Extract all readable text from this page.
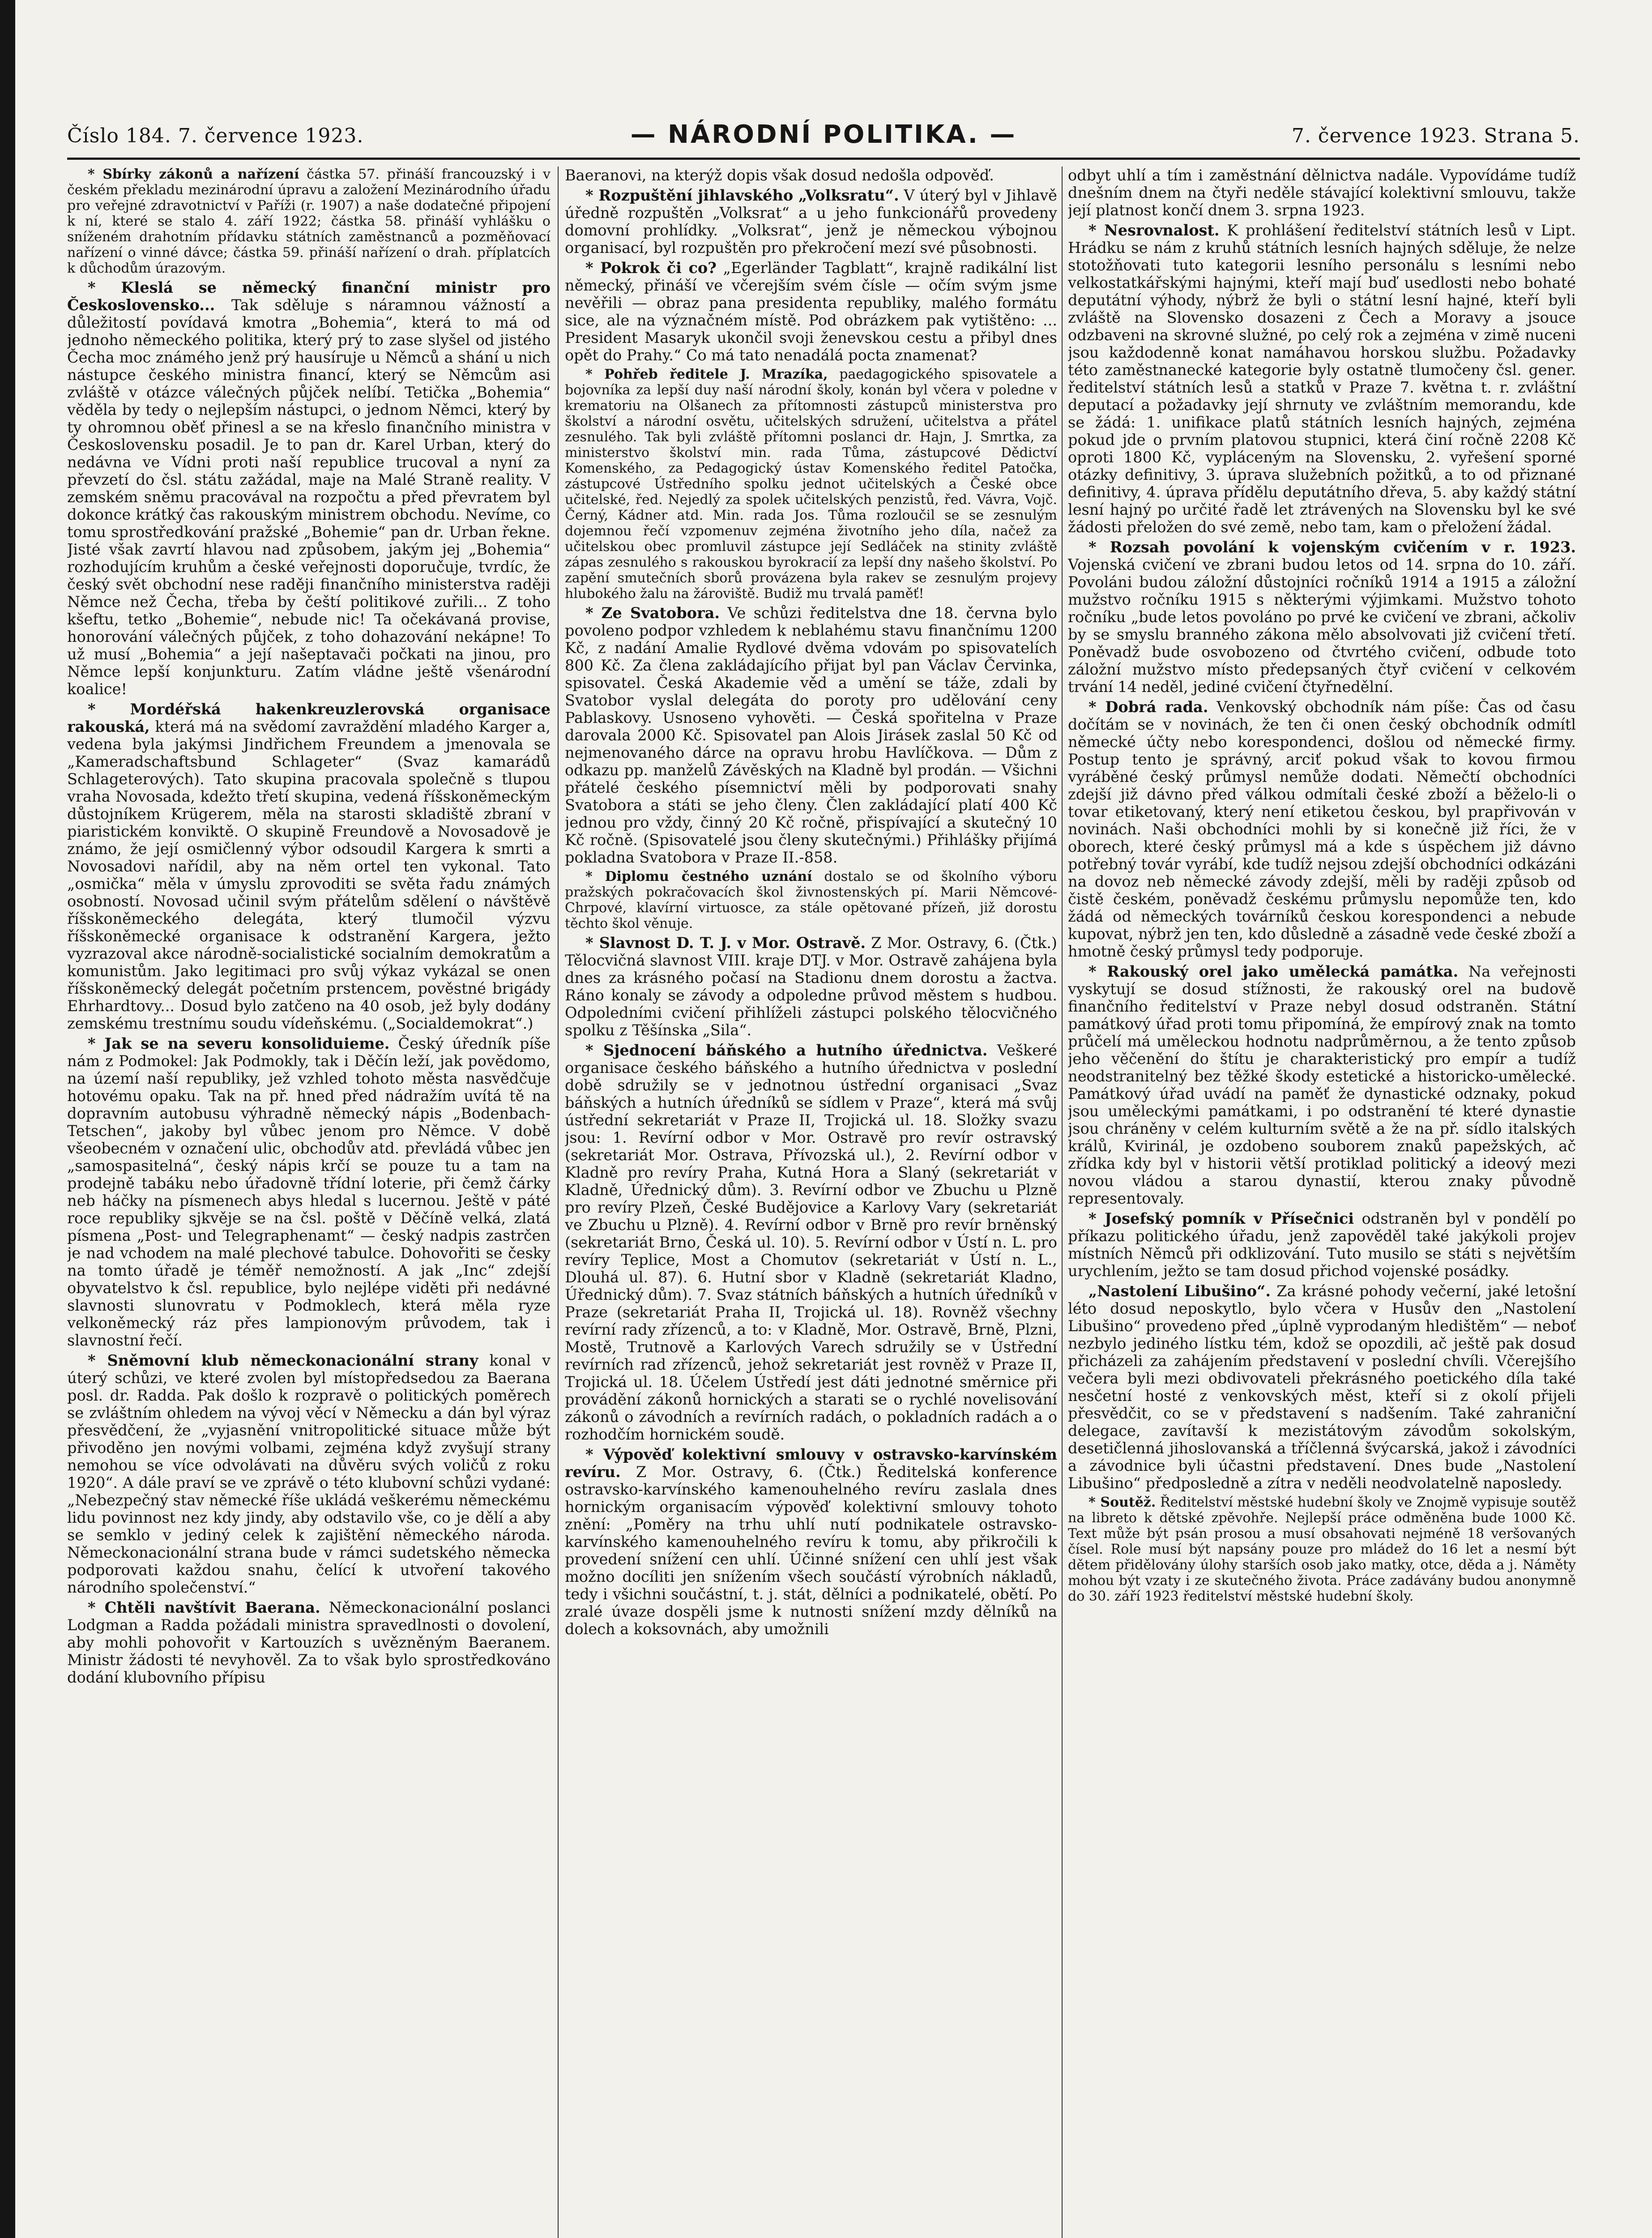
Číslo 184. 7. července 1923.	— NÁRODNÍ POLITIKA. —	7. července 1923. Strana 5.

* Sbírky zákonů a nařízení částka 57. přináší francouzský i v českém překladu mezinárodní úpravu a založení Mezinárodního úřadu pro veřejné zdravotnictví v Paříži (r. 1907) a naše dodatečné připojení k ní, které se stalo 4. září 1922; částka 58. přináší vyhlášku o sníženém drahotním přídavku státních zaměstnanců a pozměňovací nařízení o vinné dávce; částka 59. přináší nařízení o drah. příplatcích k důchodům úrazovým.

* Kleslá se německý finanční ministr pro Československo... Tak sděluje s náramnou vážností a důležitostí povídavá kmotra „Bohemia“, která to má od jednoho německého politika, který prý to zase slyšel od jistého Čecha moc známého jenž prý hausíruje u Němců a shání u nich nástupce českého ministra financí, který se Němcům asi zvláště v otázce válečných půjček nelíbí. Tetička „Bohemia“ věděla by tedy o nejlepším nástupci, o jednom Němci, který by ty ohromnou oběť přinesl a se na křeslo finančního ministra v Československu posadil. Je to pan dr. Karel Urban, který do nedávna ve Vídni proti naší republice trucoval a nyní za převzetí do čsl. státu zažádal, maje na Malé Straně reality. V zemském sněmu pracovával na rozpočtu a před převratem byl dokonce krátký čas rakouským ministrem obchodu. Nevíme, co tomu sprostředkování pražské „Bohemie“ pan dr. Urban řekne. Jisté však zavrtí hlavou nad způsobem, jakým jej „Bohemia“ rozhodujícím kruhům a české veřejnosti doporučuje, tvrdíc, že český svět obchodní nese raději finančního ministerstva raději Němce než Čecha, třeba by čeští politikové zuřili... Z toho kšeftu, tetko „Bohemie“, nebude nic! Ta očekávaná provise, honorování válečných půjček, z toho dohazování nekápne! To už musí „Bohemia“ a její našeptavači počkati na jinou, pro Němce lepší konjunkturu. Zatím vládne ještě všenárodní koalice!

* Mordéřská hakenkreuzlerovská organisace rakouská, která má na svědomí zavraždění mladého Karger a, vedena byla jakýmsi Jindřichem Freundem a jmenovala se „Kameradschaftsbund Schlageter“ (Svaz kamarádů Schlageterových). Tato skupina pracovala společně s tlupou vraha Novosada, kdežto třetí skupina, vedená říšskoněmeckým důstojníkem Krügerem, měla na starosti skladiště zbraní v piaristickém konviktě. O skupině Freundově a Novosadově je známo, že její osmičlenný výbor odsoudil Kargera k smrti a Novosadovi nařídil, aby na něm ortel ten vykonal. Tato „osmička“ měla v úmyslu zprovoditi se světa řadu známých osobností. Novosad učinil svým přátelům sdělení o návštěvě říšskoněmeckého delegáta, který tlumočil výzvu říšskoněmecké organisace k odstranění Kargera, ježto vyzrazoval akce národně-socialistické socialním demokratům a komunistům. Jako legitimaci pro svůj výkaz vykázal se onen říšskoněmecký delegát početním prstencem, pověstné brigády Ehrhardtovy... Dosud bylo zatčeno na 40 osob, jež byly dodány zemskému trestnímu soudu vídeňskému. („Socialdemokrat“.)

* Jak se na severu konsoliduieme. Český úředník píše nám z Podmokel: Jak Podmokly, tak i Děčín leží, jak povědomo, na území naší republiky, jež vzhled tohoto města nasvědčuje hotovému opaku. Tak na př. hned před nádražím uvítá tě na dopravním autobusu výhradně německý nápis „Bodenbach-Tetschen“, jakoby byl vůbec jenom pro Němce. V době všeobecném v označení ulic, obchodův atd. převládá vůbec jen „samospasitelná“, český nápis krčí se pouze tu a tam na prodejně tabáku nebo úřadovně třídní loterie, při čemž čárky neb háčky na písmenech abys hledal s lucernou. Ještě v páté roce republiky sjkvěje se na čsl. poště v Děčíně velká, zlatá písmena „Post- und Telegraphenamt“ — český nadpis zastrčen je nad vchodem na malé plechové tabulce. Dohovořiti se česky na tomto úřadě je téměř nemožností. A jak „Inc“ zdejší obyvatelstvo k čsl. republice, bylo nejlépe viděti při nedávné slavnosti slunovratu v Podmoklech, která měla ryze velkoněmecký ráz přes lampionovým průvodem, tak i slavnostní řečí.

* Sněmovní klub německonacionální strany konal v úterý schůzi, ve které zvolen byl místopředsedou za Baerana posl. dr. Radda. Pak došlo k rozpravě o politických poměrech se zvláštním ohledem na vývoj věcí v Německu a dán byl výraz přesvědčení, že „vyjasnění vnitropolitické situace může být přivoděno jen novými volbami, zejména když zvyšují strany nemohou se více odvolávati na důvěru svých voličů z roku 1920“. A dále praví se ve zprávě o této klubovní schůzi vydané: „Nebezpečný stav německé říše ukládá veškerému německému lidu povinnost nez kdy jindy, aby odstavilo vše, co je dělí a aby se semklo v jediný celek k zajištění německého národa. Německonacionální strana bude v rámci sudetského německa podporovati každou snahu, čelící k utvoření takového národního společenství.“

* Chtěli navštívit Baerana. Německonacionální poslanci Lodgman a Radda požádali ministra spravedlnosti o dovolení, aby mohli pohovořit v Kartouzích s uvězněným Baeranem. Ministr žádosti té nevyhověl. Za to však bylo sprostředkováno dodání klubovního přípisu

Baeranovi, na kterýž dopis však dosud nedošla odpověď.

* Rozpuštění jihlavského „Volksratu“. V úterý byl v Jihlavě úředně rozpuštěn „Volksrat“ a u jeho funkcionářů provedeny domovní prohlídky. „Volksrat“, jenž je německou výbojnou organisací, byl rozpuštěn pro překročení mezí své působnosti.

* Pokrok či co? „Egerländer Tagblatt“, krajně radikální list německý, přináší ve včerejším svém čísle — očím svým jsme nevěřili — obraz pana presidenta republiky, malého formátu sice, ale na význačném místě. Pod obrázkem pak vytištěno: ... President Masaryk ukončil svoji ženevskou cestu a přibyl dnes opět do Prahy.“ Co má tato nenadálá pocta znamenat?

* Pohřeb ředitele J. Mrazíka, paedagogického spisovatele a bojovníka za lepší duy naší národní školy, konán byl včera v poledne v krematoriu na Olšanech za přítomnosti zástupců ministerstva pro školství a národní osvětu, učitelských sdružení, učitelstva a přátel zesnulého. Tak byli zvláště přítomni poslanci dr. Hajn, J. Smrtka, za ministerstvo školství min. rada Tůma, zástupcové Dědictví Komenského, za Pedagogický ústav Komenského ředitel Patočka, zástupcové Ústředního spolku jednot učitelských a České obce učitelské, řed. Nejedlý za spolek učitelských penzistů, řed. Vávra, Vojč. Černý, Kádner atd. Min. rada Jos. Tůma rozloučil se se zesnulým dojemnou řečí vzpomenuv zejména životního jeho díla, načež za učitelskou obec promluvil zástupce její Sedláček na stinity zvláště zápas zesnulého s rakouskou byrokracií za lepší dny našeho školství. Po zapění smutečních sborů provázena byla rakev se zesnulým projevy hlubokého žalu na žároviště. Budiž mu trvalá paměť!

* Ze Svatobora. Ve schůzi ředitelstva dne 18. června bylo povoleno podpor vzhledem k neblahému stavu finančnímu 1200 Kč, z nadání Amalie Rydlové dvěma vdovám po spisovatelích 800 Kč. Za člena zakládajícího přijat byl pan Václav Červinka, spisovatel. Česká Akademie věd a umění se táže, zdali by Svatobor vyslal delegáta do poroty pro udělování ceny Pablaskovy. Usnoseno vyhověti. — Česká spořitelna v Praze darovala 2000 Kč. Spisovatel pan Alois Jirásek zaslal 50 Kč od nejmenovaného dárce na opravu hrobu Havlíčkova. — Dům z odkazu pp. manželů Závěských na Kladně byl prodán. — Všichni přátelé českého písemnictví měli by podporovati snahy Svatobora a státi se jeho členy. Člen zakládající platí 400 Kč jednou pro vždy, činný 20 Kč ročně, přispívající a skutečný 10 Kč ročně. (Spisovatelé jsou členy skutečnými.) Přihlášky přijímá pokladna Svatobora v Praze II.-858.

* Diplomu čestného uznání dostalo se od školního výboru pražských pokračovacích škol živnostenských pí. Marii Němcové-Chrpové, klavírní virtuosce, za stále opětované přízeň, již dorostu těchto škol věnuje.

* Slavnost D. T. J. v Mor. Ostravě. Z Mor. Ostravy, 6. (Čtk.) Tělocvičná slavnost VIII. kraje DTJ. v Mor. Ostravě zahájena byla dnes za krásného počasí na Stadionu dnem dorostu a žactva. Ráno konaly se závody a odpoledne průvod městem s hudbou. Odpoledními cvičení přihlíželi zástupci polského tělocvičného spolku z Těšínska „Sila“.

* Sjednocení báňského a hutního úřednictva. Veškeré organisace českého báňského a hutního úřednictva v poslední době sdružily se v jednotnou ústřední organisaci „Svaz báňských a hutních úředníků se sídlem v Praze“, která má svůj ústřední sekretariát v Praze II, Trojická ul. 18. Složky svazu jsou: 1. Revírní odbor v Mor. Ostravě pro revír ostravský (sekretariát Mor. Ostrava, Přívozská ul.), 2. Revírní odbor v Kladně pro revíry Praha, Kutná Hora a Slaný (sekretariát v Kladně, Úřednický dům). 3. Revírní odbor ve Zbuchu u Plzně pro revíry Plzeň, České Budějovice a Karlovy Vary (sekretariát ve Zbuchu u Plzně). 4. Revírní odbor v Brně pro revír brněnský (sekretariát Brno, Česká ul. 10). 5. Revírní odbor v Ústí n. L. pro revíry Teplice, Most a Chomutov (sekretariát v Ústí n. L., Dlouhá ul. 87). 6. Hutní sbor v Kladně (sekretariát Kladno, Úřednický dům). 7. Svaz státních báňských a hutních úředníků v Praze (sekretariát Praha II, Trojická ul. 18). Rovněž všechny revírní rady zřízenců, a to: v Kladně, Mor. Ostravě, Brně, Plzni, Mostě, Trutnově a Karlových Varech sdružily se v Ústřední revírních rad zřízenců, jehož sekretariát jest rovněž v Praze II, Trojická ul. 18. Účelem Ústředí jest dáti jednotné směrnice při provádění zákonů hornických a starati se o rychlé novelisování zákonů o závodních a revírních radách, o pokladních radách a o rozhodčím hornickém soudě.

* Výpověď kolektivní smlouvy v ostravsko-karvínském revíru. Z Mor. Ostravy, 6. (Čtk.) Ředitelská konference ostravsko-karvínského kamenouhelného revíru zaslala dnes hornickým organisacím výpověď kolektivní smlouvy tohoto znění: „Poměry na trhu uhlí nutí podnikatele ostravsko-karvínského kamenouhelného revíru k tomu, aby přikročili k provedení snížení cen uhlí. Účinné snížení cen uhlí jest však možno docíliti jen snížením všech součástí výrobních nákladů, tedy i všichni součástní, t. j. stát, dělníci a podnikatelé, obětí. Po zralé úvaze dospěli jsme k nutnosti snížení mzdy dělníků na dolech a koksovnách, aby umožnili

odbyt uhlí a tím i zaměstnání dělnictva nadále. Vypovídáme tudíž dnešním dnem na čtyři neděle stávající kolektivní smlouvu, takže její platnost končí dnem 3. srpna 1923.

* Nesrovnalost. K prohlášení ředitelství státních lesů v Lipt. Hrádku se nám z kruhů státních lesních hajných sděluje, že nelze stotožňovati tuto kategorii lesního personálu s lesními nebo velkostatkářskými hajnými, kteří mají buď usedlosti nebo bohaté deputátní výhody, nýbrž že byli o státní lesní hajné, kteří byli zvláště na Slovensko dosazeni z Čech a Moravy a jsouce odzbaveni na skrovné služné, po celý rok a zejména v zimě nuceni jsou každodenně konat namáhavou horskou službu. Požadavky této zaměstnanecké kategorie byly ostatně tlumočeny čsl. gener. ředitelství státních lesů a statků v Praze 7. května t. r. zvláštní deputací a požadavky její shrnuty ve zvláštním memorandu, kde se žádá: 1. unifikace platů státních lesních hajných, zejména pokud jde o prvním platovou stupnici, která činí ročně 2208 Kč oproti 1800 Kč, vypláceným na Slovensku, 2. vyřešení sporné otázky definitivy, 3. úprava služebních požitků, a to od přiznané definitivy, 4. úprava přídělu deputátního dřeva, 5. aby každý státní lesní hajný po určité řadě let ztrávených na Slovensku byl ke své žádosti přeložen do své země, nebo tam, kam o přeložení žádal.

* Rozsah povolání k vojenským cvičením v r. 1923. Vojenská cvičení ve zbrani budou letos od 14. srpna do 10. září. Povoláni budou záložní důstojníci ročníků 1914 a 1915 a záložní mužstvo ročníku 1915 s některými výjimkami. Mužstvo tohoto ročníku „bude letos povoláno po prvé ke cvičení ve zbrani, ačkoliv by se smyslu branného zákona mělo absolvovati již cvičení třetí. Poněvadž bude osvobozeno od čtvrtého cvičení, odbude toto záložní mužstvo místo předepsaných čtyř cvičení v celkovém trvání 14 neděl, jediné cvičení čtyřnedělní.

* Dobrá rada. Venkovský obchodník nám píše: Čas od času dočítám se v novinách, že ten či onen český obchodník odmítl německé účty nebo korespondenci, došlou od německé firmy. Postup tento je správný, arciť pokud však to kovou firmou vyráběné český průmysl nemůže dodati. Němečtí obchodníci zdejší již dávno před válkou odmítali české zboží a běželo-li o tovar etiketovaný, který není etiketou českou, byl prapřivován v novinách. Naši obchodníci mohli by si konečně již říci, že v oborech, které český průmysl má a kde s úspěchem již dávno potřebný továr vyrábí, kde tudíž nejsou zdejší obchodníci odkázáni na dovoz neb německé závody zdejší, měli by raději způsob od čistě českém, poněvadž českému průmyslu nepomůže ten, kdo žádá od německých továrníků českou korespondenci a nebude kupovat, nýbrž jen ten, kdo důsledně a zásadně vede české zboží a hmotně český průmysl tedy podporuje.

* Rakouský orel jako umělecká památka. Na veřejnosti vyskytují se dosud stížnosti, že rakouský orel na budově finančního ředitelství v Praze nebyl dosud odstraněn. Státní památkový úřad proti tomu připomíná, že empírový znak na tomto průčelí má uměleckou hodnotu nadprůměrnou, a že tento způsob jeho věčenění do štítu je charakteristický pro empír a tudíž neodstranitelný bez těžké škody estetické a historicko-umělecké. Památkový úřad uvádí na paměť že dynastické odznaky, pokud jsou uměleckými památkami, i po odstranění té které dynastie jsou chráněny v celém kulturním světě a že na př. sídlo italských králů, Kvirinál, je ozdobeno souborem znaků papežských, ač zřídka kdy byl v historii větší protiklad politický a ideový mezi novou vládou a starou dynastií, kterou znaky původně representovaly.

* Josefský pomník v Přísečnici odstraněn byl v pondělí po příkazu politického úřadu, jenž zapověděl také jakýkoli projev místních Němců při odklizování. Tuto musilo se státi s největším urychlením, ježto se tam dosud přichod vojenské posádky.

„Nastolení Libušino“. Za krásné pohody večerní, jaké letošní léto dosud neposkytlo, bylo včera v Husův den „Nastolení Libušino“ provedeno před „úplně vyprodaným hledištěm“ — neboť nezbylo jediného lístku tém, kdož se opozdili, ač ještě pak dosud přicházeli za zahájením představení v poslední chvíli. Včerejšího večera byli mezi obdivovateli překrásného poetického díla také nesčetní hosté z venkovských měst, kteří si z okolí přijeli přesvědčit, co se v představení s nadšením. Také zahraniční delegace, zavítavší k mezistátovým závodům sokolským, desetičlenná jihoslovanská a tříčlenná švýcarská, jakož i závodníci a závodnice byli účastni představení. Dnes bude „Nastolení Libušino“ předposledně a zítra v neděli neodvolatelně naposledy.

* Soutěž. Ředitelství městské hudební školy ve Znojmě vypisuje soutěž na libreto k dětské zpěvohře. Nejlepší práce odměněna bude 1000 Kč. Text může být psán prosou a musí obsahovati nejméně 18 veršovaných čísel. Role musí být napsány pouze pro mládež do 16 let a nesmí být dětem přidělovány úlohy starších osob jako matky, otce, děda a j. Náměty mohou být vzaty i ze skutečného života. Práce zadávány budou anonymně do 30. září 1923 ředitelství městské hudební školy.
